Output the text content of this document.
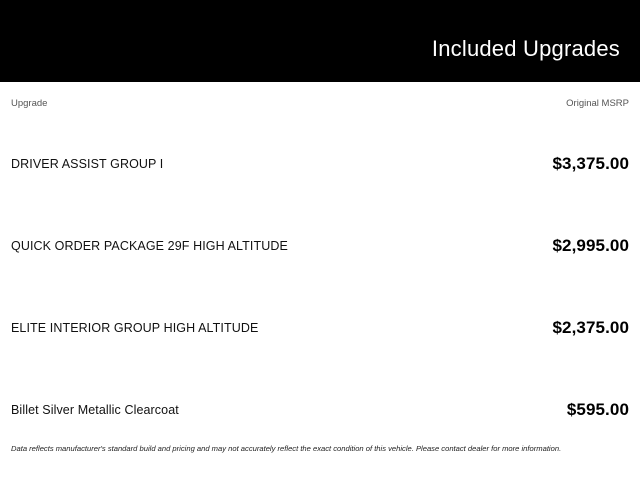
Included Upgrades
Upgrade	Original MSRP
DRIVER ASSIST GROUP I	$3,375.00
QUICK ORDER PACKAGE 29F HIGH ALTITUDE	$2,995.00
ELITE INTERIOR GROUP HIGH ALTITUDE	$2,375.00
Billet Silver Metallic Clearcoat	$595.00
Data reflects manufacturer's standard build and pricing and may not accurately reflect the exact condition of this vehicle. Please contact dealer for more information.
